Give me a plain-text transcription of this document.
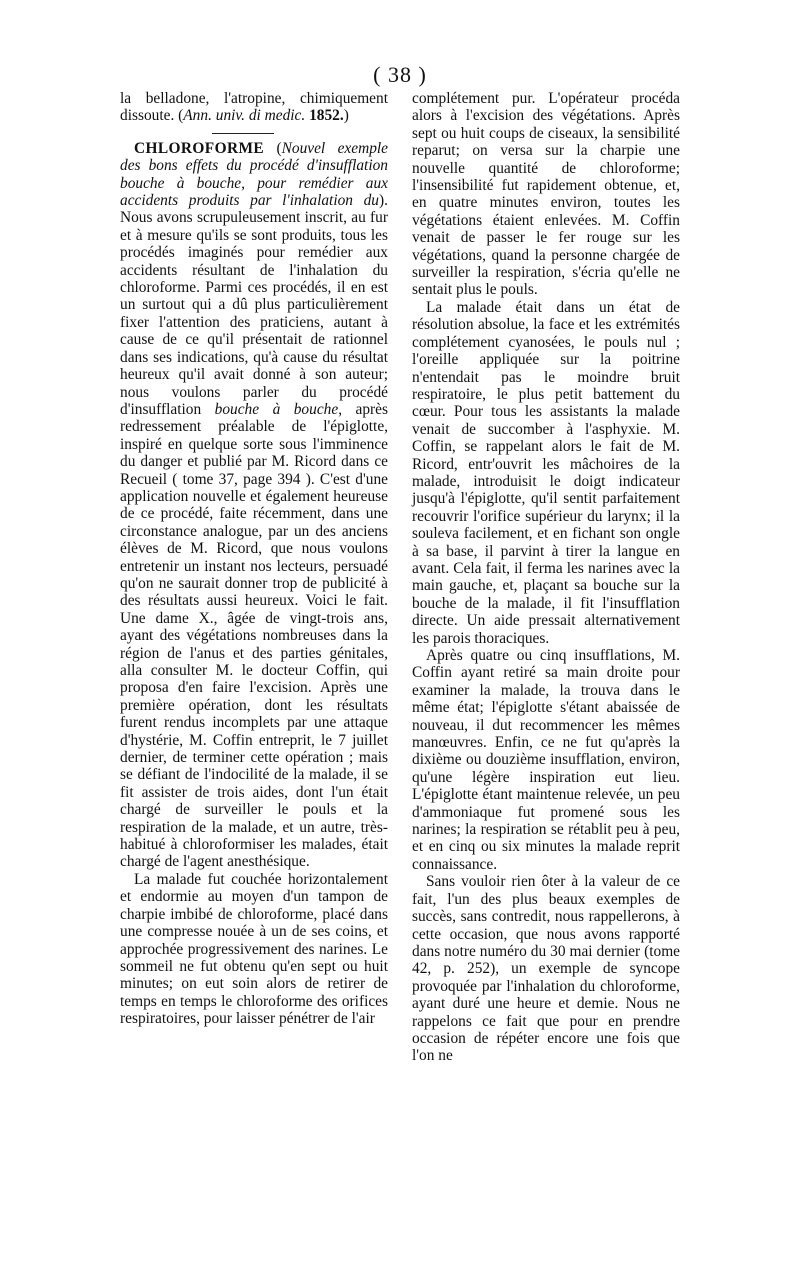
( 38 )

la belladone, l'atropine, chimiquement dissoute. (Ann. univ. di medic. 1852.)

CHLOROFORME (Nouvel exemple des bons effets du procédé d'insufflation bouche à bouche, pour remédier aux accidents produits par l'inhalation du). Nous avons scrupuleusement inscrit, au fur et à mesure qu'ils se sont produits, tous les procédés imaginés pour remédier aux accidents résultant de l'inhalation du chloroforme. Parmi ces procédés, il en est un surtout qui a dû plus particulièrement fixer l'attention des praticiens, autant à cause de ce qu'il présentait de rationnel dans ses indications, qu'à cause du résultat heureux qu'il avait donné à son auteur; nous voulons parler du procédé d'insufflation bouche à bouche, après redressement préalable de l'épiglotte, inspiré en quelque sorte sous l'imminence du danger et publié par M. Ricord dans ce Recueil ( tome 37, page 394 ). C'est d'une application nouvelle et également heureuse de ce procédé, faite récemment, dans une circonstance analogue, par un des anciens élèves de M. Ricord, que nous voulons entretenir un instant nos lecteurs, persuadé qu'on ne saurait donner trop de publicité à des résultats aussi heureux. Voici le fait. Une dame X., âgée de vingt-trois ans, ayant des végétations nombreuses dans la région de l'anus et des parties génitales, alla consulter M. le docteur Coffin, qui proposa d'en faire l'excision. Après une première opération, dont les résultats furent rendus incomplets par une attaque d'hystérie, M. Coffin entreprit, le 7 juillet dernier, de terminer cette opération ; mais se défiant de l'indocilité de la malade, il se fit assister de trois aides, dont l'un était chargé de surveiller le pouls et la respiration de la malade, et un autre, très-habitué à chloroformiser les malades, était chargé de l'agent anesthésique.

La malade fut couchée horizontalement et endormie au moyen d'un tampon de charpie imbibé de chloroforme, placé dans une compresse nouée à un de ses coins, et approchée progressivement des narines. Le sommeil ne fut obtenu qu'en sept ou huit minutes; on eut soin alors de retirer de temps en temps le chloroforme des orifices respiratoires, pour laisser pénétrer de l'air

complétement pur. L'opérateur procéda alors à l'excision des végétations. Après sept ou huit coups de ciseaux, la sensibilité reparut; on versa sur la charpie une nouvelle quantité de chloroforme; l'insensibilité fut rapidement obtenue, et, en quatre minutes environ, toutes les végétations étaient enlevées. M. Coffin venait de passer le fer rouge sur les végétations, quand la personne chargée de surveiller la respiration, s'écria qu'elle ne sentait plus le pouls.

La malade était dans un état de résolution absolue, la face et les extrémités complétement cyanosées, le pouls nul ; l'oreille appliquée sur la poitrine n'entendait pas le moindre bruit respiratoire, le plus petit battement du cœur. Pour tous les assistants la malade venait de succomber à l'asphyxie. M. Coffin, se rappelant alors le fait de M. Ricord, entr'ouvrit les mâchoires de la malade, introduisit le doigt indicateur jusqu'à l'épiglotte, qu'il sentit parfaitement recouvrir l'orifice supérieur du larynx; il la souleva facilement, et en fichant son ongle à sa base, il parvint à tirer la langue en avant. Cela fait, il ferma les narines avec la main gauche, et, plaçant sa bouche sur la bouche de la malade, il fit l'insufflation directe. Un aide pressait alternativement les parois thoraciques.

Après quatre ou cinq insufflations, M. Coffin ayant retiré sa main droite pour examiner la malade, la trouva dans le même état; l'épiglotte s'étant abaissée de nouveau, il dut recommencer les mêmes manœuvres. Enfin, ce ne fut qu'après la dixième ou douzième insufflation, environ, qu'une légère inspiration eut lieu. L'épiglotte étant maintenue relevée, un peu d'ammoniaque fut promené sous les narines; la respiration se rétablit peu à peu, et en cinq ou six minutes la malade reprit connaissance.

Sans vouloir rien ôter à la valeur de ce fait, l'un des plus beaux exemples de succès, sans contredit, nous rappellerons, à cette occasion, que nous avons rapporté dans notre numéro du 30 mai dernier (tome 42, p. 252), un exemple de syncope provoquée par l'inhalation du chloroforme, ayant duré une heure et demie. Nous ne rappelons ce fait que pour en prendre occasion de répéter encore une fois que l'on ne
